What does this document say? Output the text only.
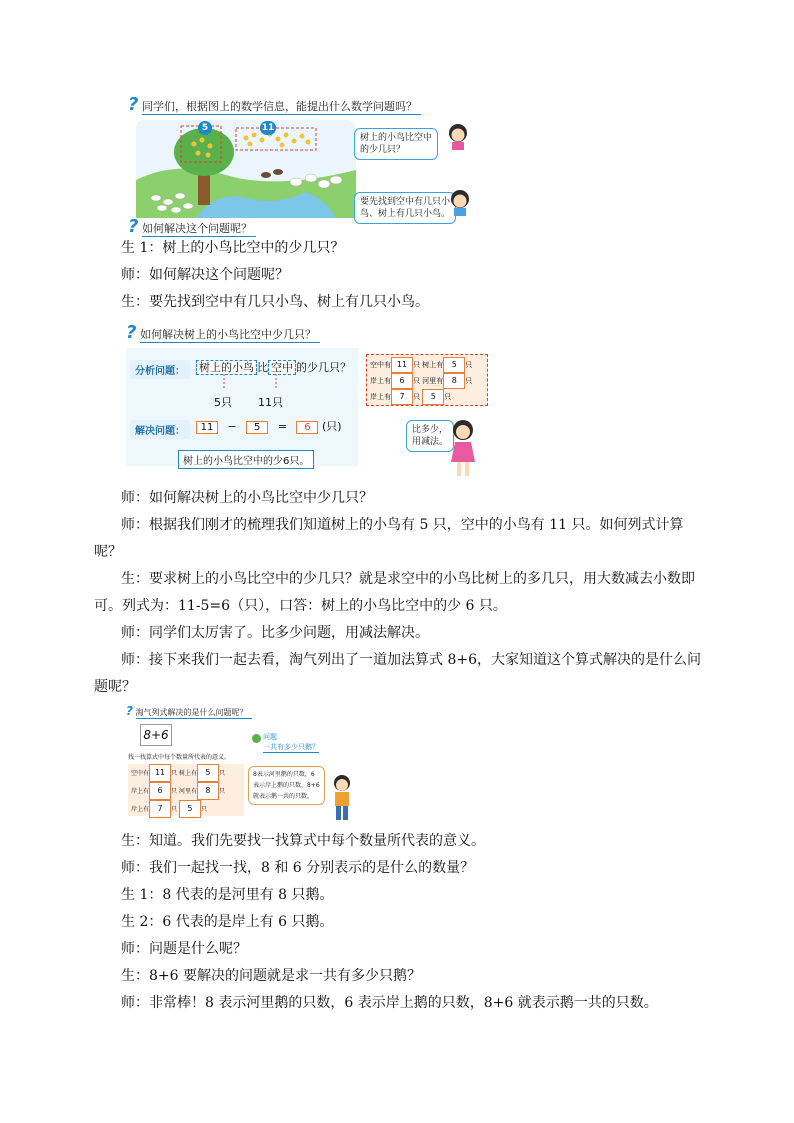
? 同学们，根据图上的数学信息，能提出什么数学问题吗？
5	11
树上的小鸟比空中
的少几只？
要先找到空中有几只小
鸟、树上有几只小鸟。
? 如何解决这个问题呢？
生 1：树上的小鸟比空中的少几只？
师：如何解决这个问题呢？
生：要先找到空中有几只小鸟、树上有几只小鸟。
? 如何解决树上的小鸟比空中少几只？
分析问题：	树上的小鸟 比 空中 的少几只？
5只 11只
解决问题：	11 − 5 = 6 (只)
树上的小鸟比空中的少6只。
空中有 11 只 树上有 5 只
岸上有 6 只 河里有 8 只
岸上有 7 只 5 只
比多少，
用减法。
师：如何解决树上的小鸟比空中少几只？
师：根据我们刚才的梳理我们知道树上的小鸟有 5 只，空中的小鸟有 11 只。如何列式计算
呢？
生：要求树上的小鸟比空中的少几只？就是求空中的小鸟比树上的多几只，用大数减去小数即
可。列式为：11-5=6（只），口答：树上的小鸟比空中的少 6 只。
师：同学们太厉害了。比多少问题，用减法解决。
师：接下来我们一起去看，淘气列出了一道加法算式 8+6，大家知道这个算式解决的是什么问
题呢？
? 淘气列式解决的是什么问题呢？
8+6
找一找算式中每个数量所代表的意义。
空中有 11 只 树上有 5 只
岸上有 6 只 河里有 8 只
岸上有 7 只 5 只
问题
一共有多少只鹅？
8表示河里鹅的只数，6
表示岸上鹅的只数，8+6
就表示鹅一共的只数。
生：知道。我们先要找一找算式中每个数量所代表的意义。
师：我们一起找一找，8 和 6 分别表示的是什么的数量？
生 1：8 代表的是河里有 8 只鹅。
生 2：6 代表的是岸上有 6 只鹅。
师：问题是什么呢？
生：8+6 要解决的问题就是求一共有多少只鹅？
师：非常棒！8 表示河里鹅的只数，6 表示岸上鹅的只数，8+6 就表示鹅一共的只数。
